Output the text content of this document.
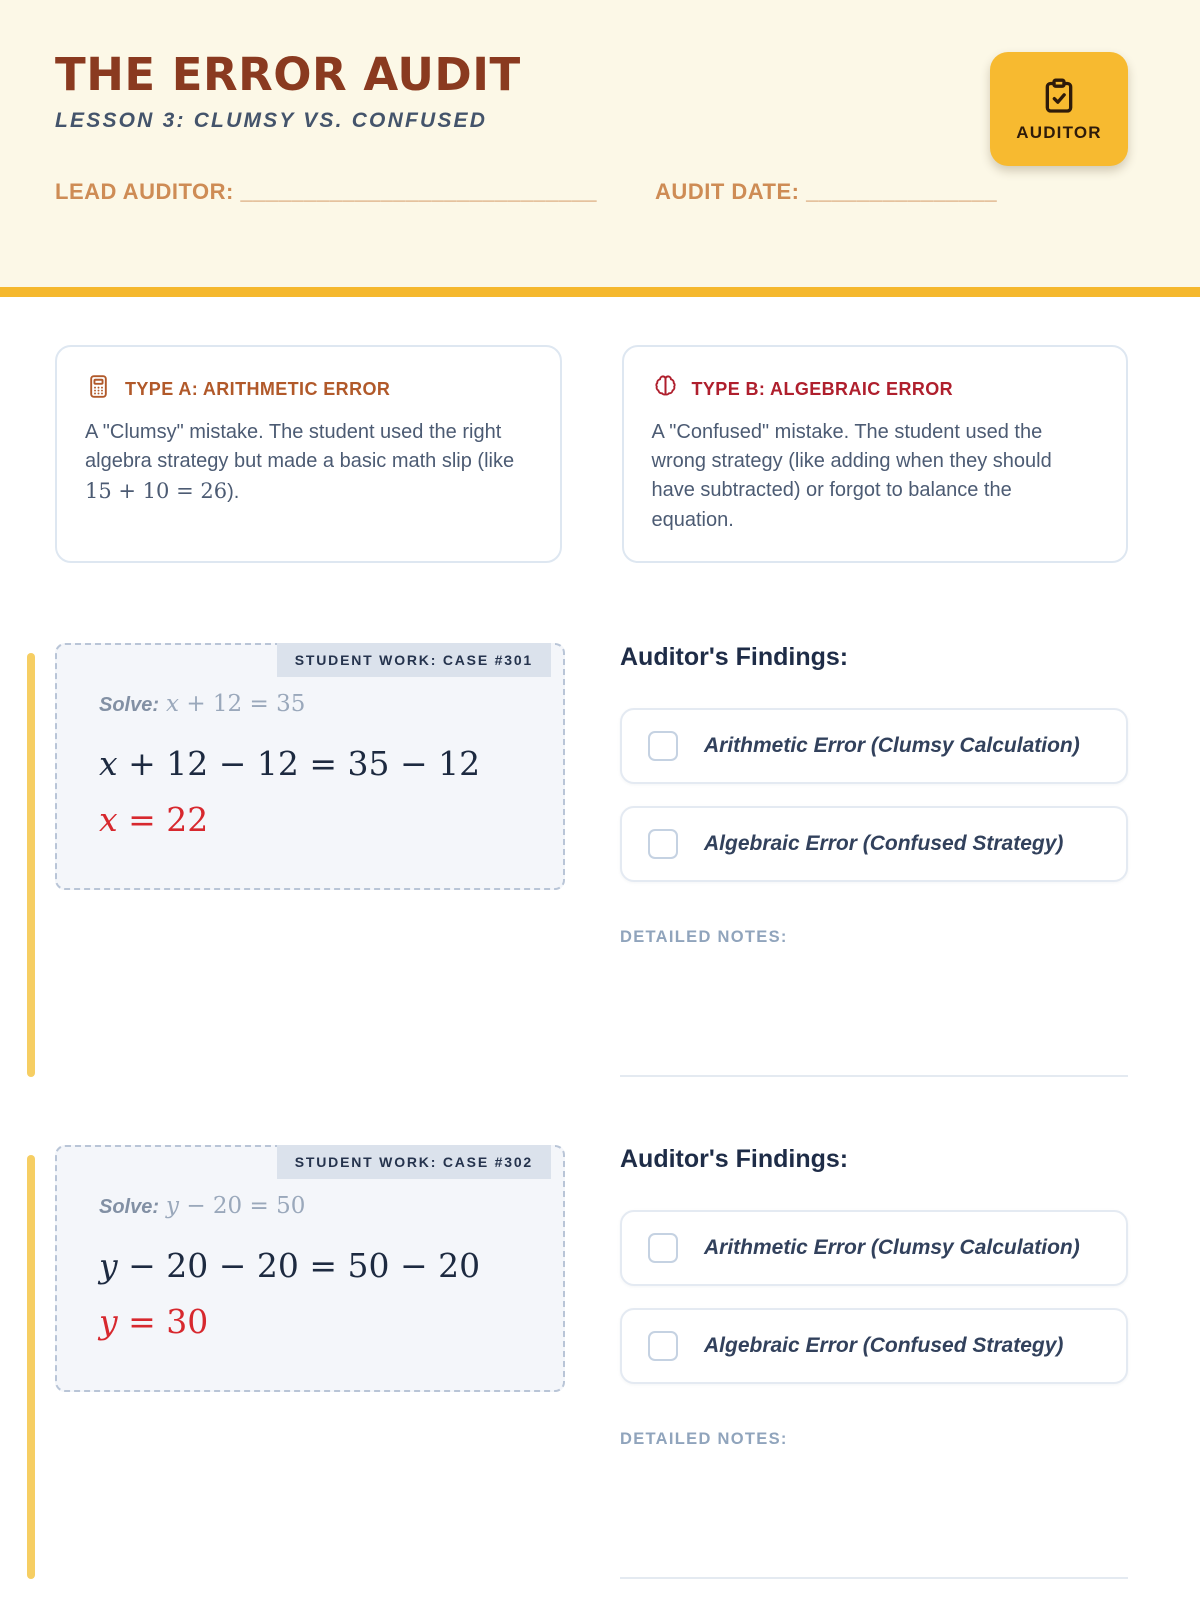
THE ERROR AUDIT
LESSON 3: CLUMSY VS. CONFUSED	AUDITOR
LEAD AUDITOR: ____________________________	AUDIT DATE: _______________
TYPE A: ARITHMETIC ERROR

A "Clumsy" mistake. The student used the right algebra strategy but made a basic math slip (like 15 + 10 = 26).

TYPE B: ALGEBRAIC ERROR

A "Confused" mistake. The student used the wrong strategy (like adding when they should have subtracted) or forgot to balance the equation.

STUDENT WORK: CASE #301
Solve: x + 12 = 35
x + 12 − 12 = 35 − 12
x = 22
Auditor's Findings:
Arithmetic Error (Clumsy Calculation)
Algebraic Error (Confused Strategy)
DETAILED NOTES:
STUDENT WORK: CASE #302
Solve: y − 20 = 50
y − 20 − 20 = 50 − 20
y = 30
Auditor's Findings:
Arithmetic Error (Clumsy Calculation)
Algebraic Error (Confused Strategy)
DETAILED NOTES:
